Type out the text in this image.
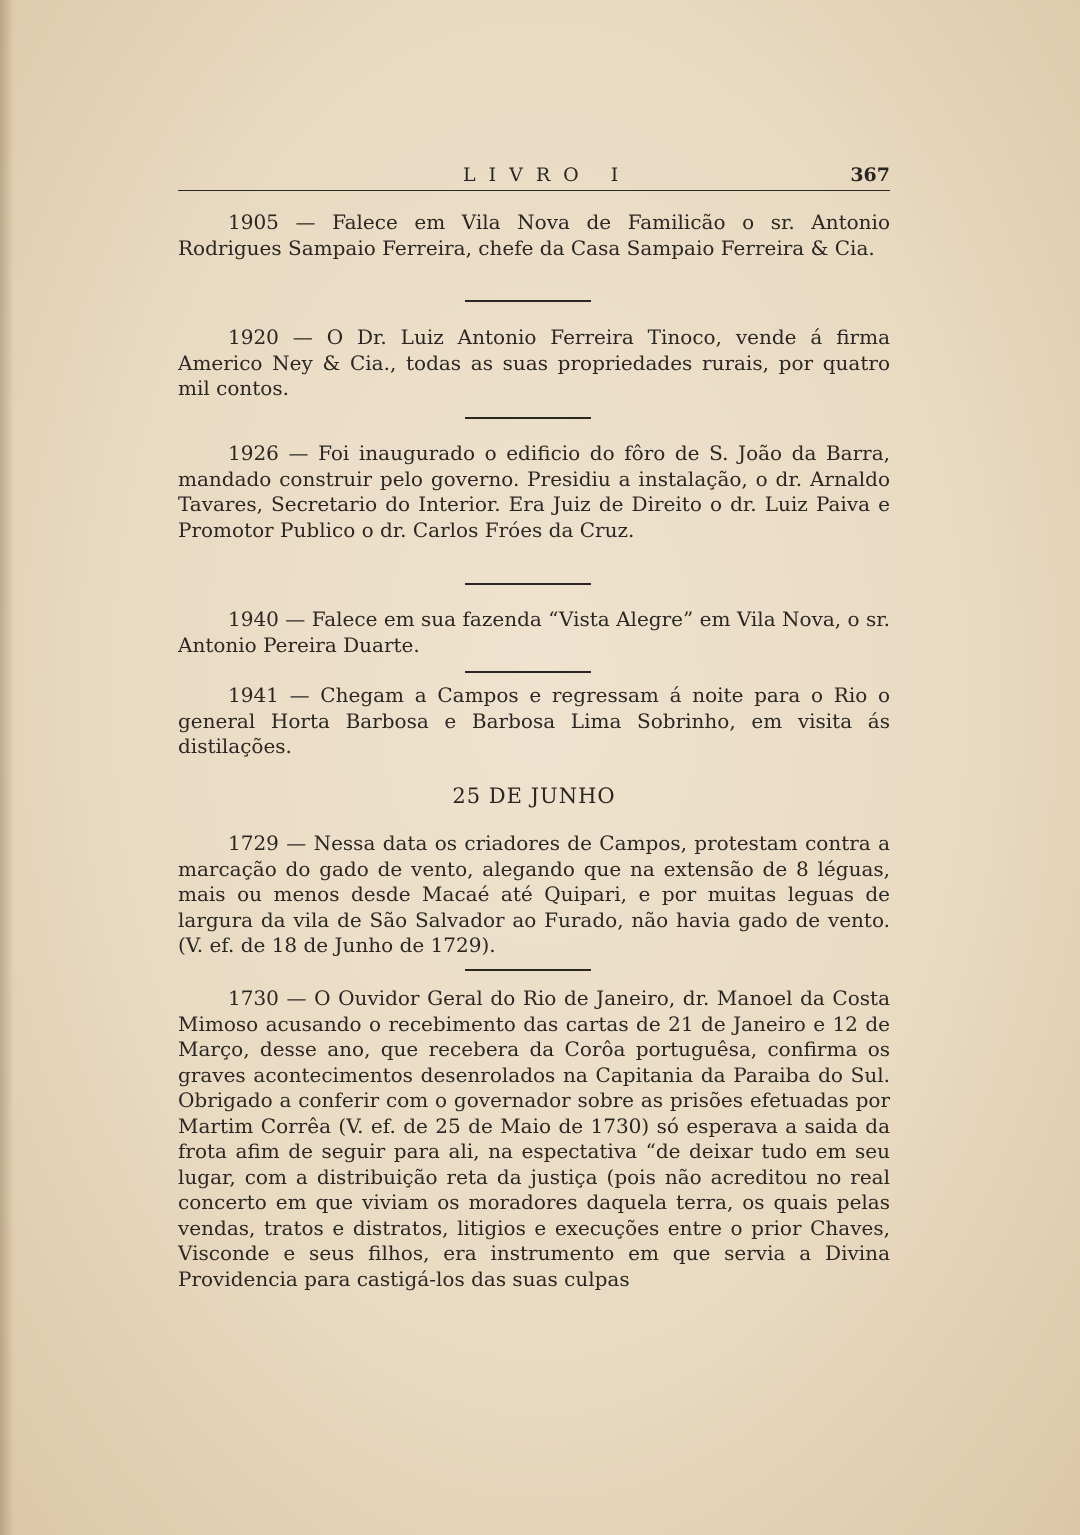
LIVRO I	367

1905 — Falece em Vila Nova de Familicão o sr. Antonio Rodrigues Sampaio Ferreira, chefe da Casa Sampaio Ferreira & Cia.

1920 — O Dr. Luiz Antonio Ferreira Tinoco, vende á firma Americo Ney & Cia., todas as suas propriedades rurais, por quatro mil contos.

1926 — Foi inaugurado o edificio do fôro de S. João da Barra, mandado construir pelo governo. Presidiu a instalação, o dr. Arnaldo Tavares, Secretario do Interior. Era Juiz de Direito o dr. Luiz Paiva e Promotor Publico o dr. Carlos Fróes da Cruz.

1940 — Falece em sua fazenda “Vista Alegre” em Vila Nova, o sr. Antonio Pereira Duarte.

1941 — Chegam a Campos e regressam á noite para o Rio o general Horta Barbosa e Barbosa Lima Sobrinho, em visita ás distilações.

25 DE JUNHO

1729 — Nessa data os criadores de Campos, protestam contra a marcação do gado de vento, alegando que na extensão de 8 léguas, mais ou menos desde Macaé até Quipari, e por muitas leguas de largura da vila de São Salvador ao Furado, não havia gado de vento. (V. ef. de 18 de Junho de 1729).

1730 — O Ouvidor Geral do Rio de Janeiro, dr. Manoel da Costa Mimoso acusando o recebimento das cartas de 21 de Janeiro e 12 de Março, desse ano, que recebera da Corôa portuguêsa, confirma os graves acontecimentos desenrolados na Capitania da Paraiba do Sul. Obrigado a conferir com o governador sobre as prisões efetuadas por Martim Corrêa (V. ef. de 25 de Maio de 1730) só esperava a saida da frota afim de seguir para ali, na espectativa “de deixar tudo em seu lugar, com a distribuição reta da justiça (pois não acreditou no real concerto em que viviam os moradores daquela terra, os quais pelas vendas, tratos e distratos, litigios e execuções entre o prior Chaves, Visconde e seus filhos, era instrumento em que servia a Divina Providencia para castigá-los das suas culpas
